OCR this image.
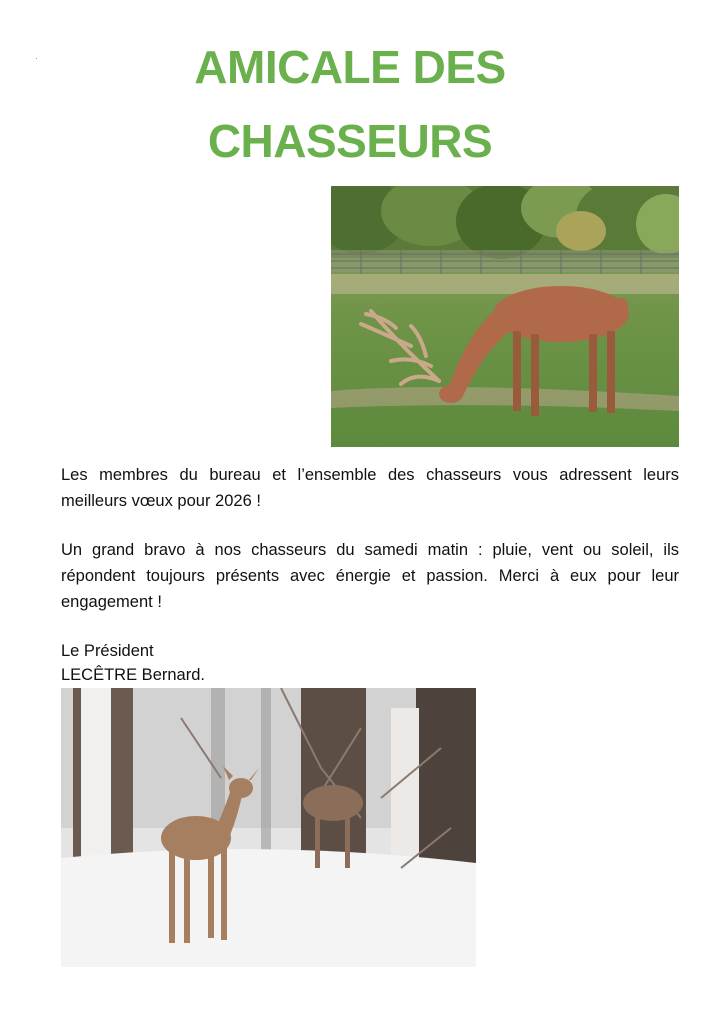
AMICALE DES
CHASSEURS

Les membres du bureau et l’ensemble des chasseurs vous adressent leurs meilleurs vœux pour 2026 !

Un grand bravo à nos chasseurs du samedi matin : pluie, vent ou soleil, ils répondent toujours présents avec énergie et passion. Merci à eux pour leur engagement !

Le Président

LECÊTRE Bernard.
